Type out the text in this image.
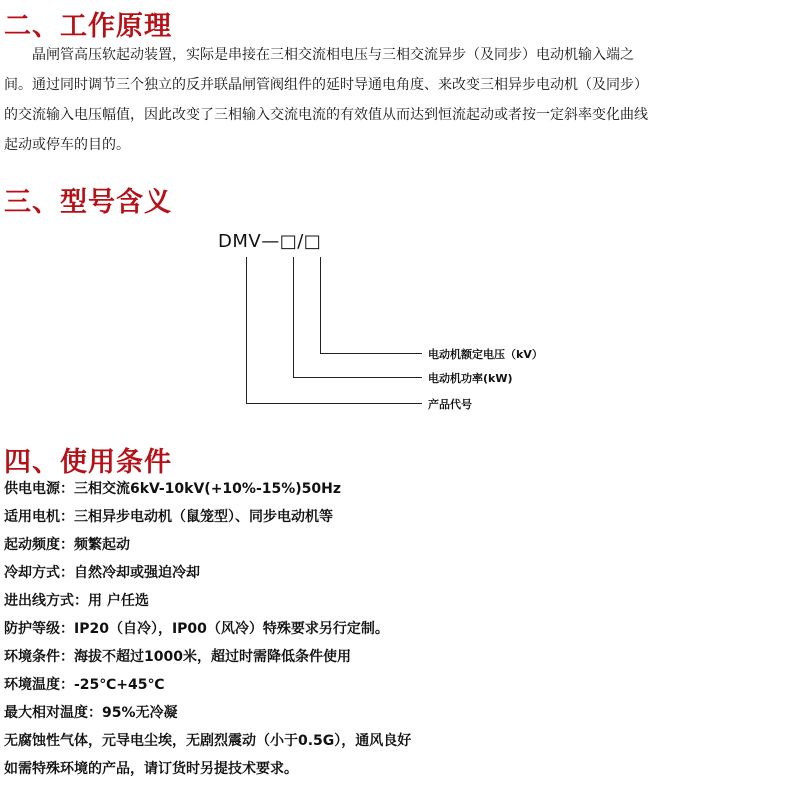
二、工作原理
晶闸管高压软起动装置，实际是串接在三相交流相电压与三相交流异步（及同步）电动机输入端之
间。通过同时调节三个独立的反并联晶闸管阀组件的延时导通电角度、来改变三相异步电动机（及同步）
的交流输入电压幅值，因此改变了三相输入交流电流的有效值从而达到恒流起动或者按一定斜率变化曲线
起动或停车的目的。
三、型号含义
DMV—□/□
电动机额定电压（kV）
电动机功率(kW)
产品代号
四、使用条件

供电电源：三相交流6kV-10kV(+10%-15%)50Hz

适用电机：三相异步电动机（鼠笼型）、同步电动机等

起动频度：频繁起动

冷却方式：自然冷却或强迫冷却

进出线方式：用 户任选

防护等级：IP20（自冷），IP00（风冷）特殊要求另行定制。

环境条件：海拔不超过1000米，超过时需降低条件使用

环境温度：-25℃+45℃

最大相对温度：95%无冷凝

无腐蚀性气体，元导电尘埃，无剧烈震动（小于0.5G），通风良好

如需特殊环境的产品，请订货时另提技术要求。
